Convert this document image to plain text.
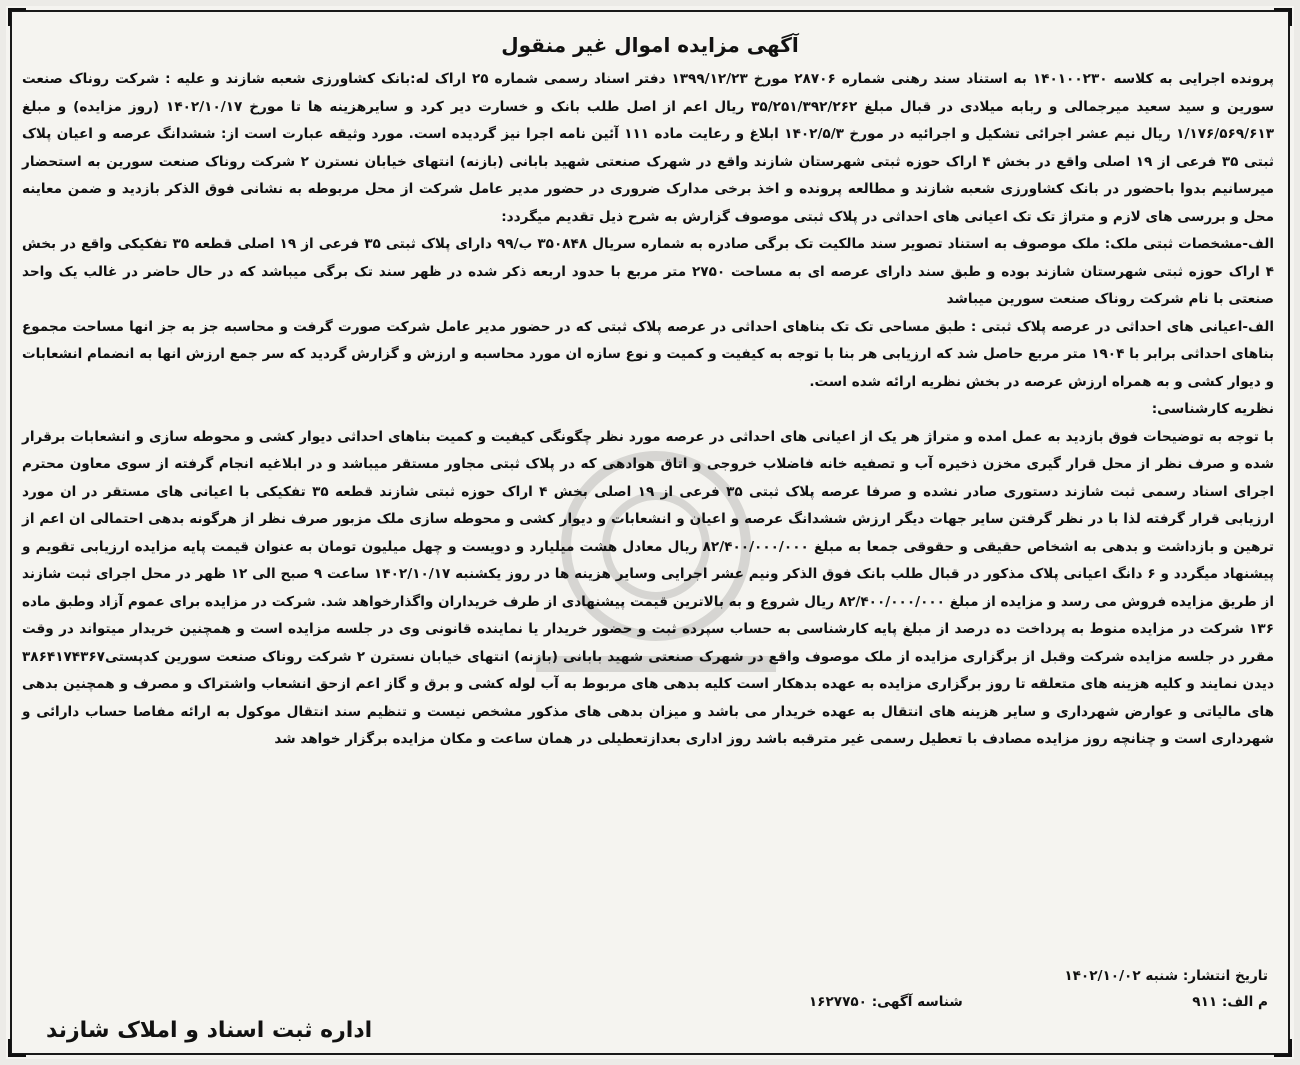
آگهی مزایده اموال غیر منقول

پرونده اجرایی به کلاسه ۱۴۰۱۰۰۲۳۰ به استناد سند رهنی شماره ۲۸۷۰۶ مورخ ۱۳۹۹/۱۲/۲۳ دفتر اسناد رسمی شماره ۲۵ اراک له:بانک کشاورزی شعبه شازند و علیه : شرکت روناک صنعت سورین و سید سعید میرجمالی و ربابه میلادی در قبال مبلغ ۳۵/۲۵۱/۳۹۲/۲۶۲ ریال اعم از اصل طلب بانک و خسارت دیر کرد و سایرهزینه ها تا مورخ ۱۴۰۲/۱۰/۱۷ (روز مزایده) و مبلغ ۱/۱۷۶/۵۶۹/۶۱۳ ریال نیم عشر اجرائی تشکیل و اجرائیه در مورخ ۱۴۰۲/۵/۳ ابلاغ و رعایت ماده ۱۱۱ آئین نامه اجرا نیز گردیده است. مورد وثیقه عبارت است از: ششدانگ عرصه و اعیان پلاک ثبتی ۳۵ فرعی از ۱۹ اصلی واقع در بخش ۴ اراک حوزه ثبتی شهرستان شازند واقع در شهرک صنعتی شهید بابانی (بازنه) انتهای خیابان نسترن ۲ شرکت روناک صنعت سورین به استحضار میرسانیم بدوا باحضور در بانک کشاورزی شعبه شازند و مطالعه پرونده و اخذ برخی مدارک ضروری در حضور مدیر عامل شرکت از محل مربوطه به نشانی فوق الذکر بازدید و ضمن معاینه محل و بررسی های لازم و متراژ تک تک اعیانی های احداثی در پلاک ثبتی موصوف گزارش به شرح ذیل تقدیم میگردد:

الف-مشخصات ثبتی ملک: ملک موصوف به استناد تصویر سند مالکیت تک برگی صادره به شماره سریال ۳۵۰۸۴۸ ب/۹۹ دارای پلاک ثبتی ۳۵ فرعی از ۱۹ اصلی قطعه ۳۵ تفکیکی واقع در بخش ۴ اراک حوزه ثبتی شهرستان شازند بوده و طبق سند دارای عرصه ای به مساحت ۲۷۵۰ متر مربع با حدود اربعه ذکر شده در ظهر سند تک برگی میباشد که در حال حاضر در غالب یک واحد صنعتی با نام شرکت روناک صنعت سورین میباشد

الف-اعیانی های احداثی در عرصه پلاک ثبتی : طبق مساحی تک تک بناهای احداثی در عرصه پلاک ثبتی که در حضور مدیر عامل شرکت صورت گرفت و محاسبه جز به جز انها مساحت مجموع بناهای احداثی برابر با ۱۹۰۴ متر مربع حاصل شد که ارزیابی هر بنا با توجه به کیفیت و کمیت و نوع سازه ان مورد محاسبه و ارزش و گزارش گردید که سر جمع ارزش انها به انضمام انشعابات و دیوار کشی و به همراه ارزش عرصه در بخش نظریه ارائه شده است.

نظریه کارشناسی:

با توجه به توضیحات فوق بازدید به عمل امده و متراژ هر یک از اعیانی های احداثی در عرصه مورد نظر چگونگی کیفیت و کمیت بناهای احداثی دیوار کشی و محوطه سازی و انشعابات برقرار شده و صرف نظر از محل قرار گیری مخزن ذخیره آب و تصفیه خانه فاضلاب خروجی و اتاق هوادهی که در پلاک ثبتی مجاور مستقر میباشد و در ابلاغیه انجام گرفته از سوی معاون محترم اجرای اسناد رسمی ثبت شازند دستوری صادر نشده و صرفا عرصه پلاک ثبتی ۳۵ فرعی از ۱۹ اصلی بخش ۴ اراک حوزه ثبتی شازند قطعه ۳۵ تفکیکی با اعیانی های مستقر در ان مورد ارزیابی قرار گرفته لذا با در نظر گرفتن سایر جهات دیگر ارزش ششدانگ عرصه و اعیان و انشعابات و دیوار کشی و محوطه سازی ملک مزبور صرف نظر از هرگونه بدهی احتمالی ان اعم از ترهین و بازداشت و بدهی به اشخاص حقیقی و حقوقی جمعا به مبلغ ۸۲/۴۰۰/۰۰۰/۰۰۰ ریال معادل هشت میلیارد و دویست و چهل میلیون تومان به عنوان قیمت پایه مزایده ارزیابی تقویم و پیشنهاد میگردد و ۶ دانگ اعیانی پلاک مذکور در قبال طلب بانک فوق الذکر ونیم عشر اجرایی وسایر هزینه ها در روز یکشنبه ۱۴۰۲/۱۰/۱۷ ساعت ۹ صبح الی ۱۲ ظهر در محل اجرای ثبت شازند از طریق مزایده فروش می رسد و مزایده از مبلغ ۸۲/۴۰۰/۰۰۰/۰۰۰ ریال شروع و به بالاترین قیمت پیشنهادی از طرف خریداران واگذارخواهد شد. شرکت در مزایده برای عموم آزاد وطبق ماده ۱۳۶ شرکت در مزایده منوط به پرداخت ده درصد از مبلغ پایه کارشناسی به حساب سپرده ثبت و حضور خریدار یا نماینده قانونی وی در جلسه مزایده است و همچنین خریدار میتواند در وقت مقرر در جلسه مزایده شرکت وقبل از برگزاری مزایده از ملک موصوف واقع در شهرک صنعتی شهید بابانی (بازنه) انتهای خیابان نسترن ۲ شرکت روناک صنعت سورین کدپستی۳۸۶۴۱۷۴۳۶۷ دیدن نمایند و کلیه هزینه های متعلقه تا روز برگزاری مزایده به عهده بدهکار است کلیه بدهی های مربوط به آب لوله کشی و برق و گاز اعم ازحق انشعاب واشتراک و مصرف و همچنین بدهی های مالیاتی و عوارض شهرداری و سایر هزینه های انتقال به عهده خریدار می باشد و میزان بدهی های مذکور مشخص نیست و تنظیم سند انتقال موکول به ارائه مفاصا حساب دارائی و شهرداری است و چنانچه روز مزایده مصادف با تعطیل رسمی غیر مترقبه باشد روز اداری بعدازتعطیلی در همان ساعت و مکان مزایده برگزار خواهد شد

تاریخ انتشار: شنبه ۱۴۰۲/۱۰/۰۲
م الف: ۹۱۱  شناسه آگهی: ۱۶۲۷۷۵۰
اداره ثبت اسناد و املاک شازند
